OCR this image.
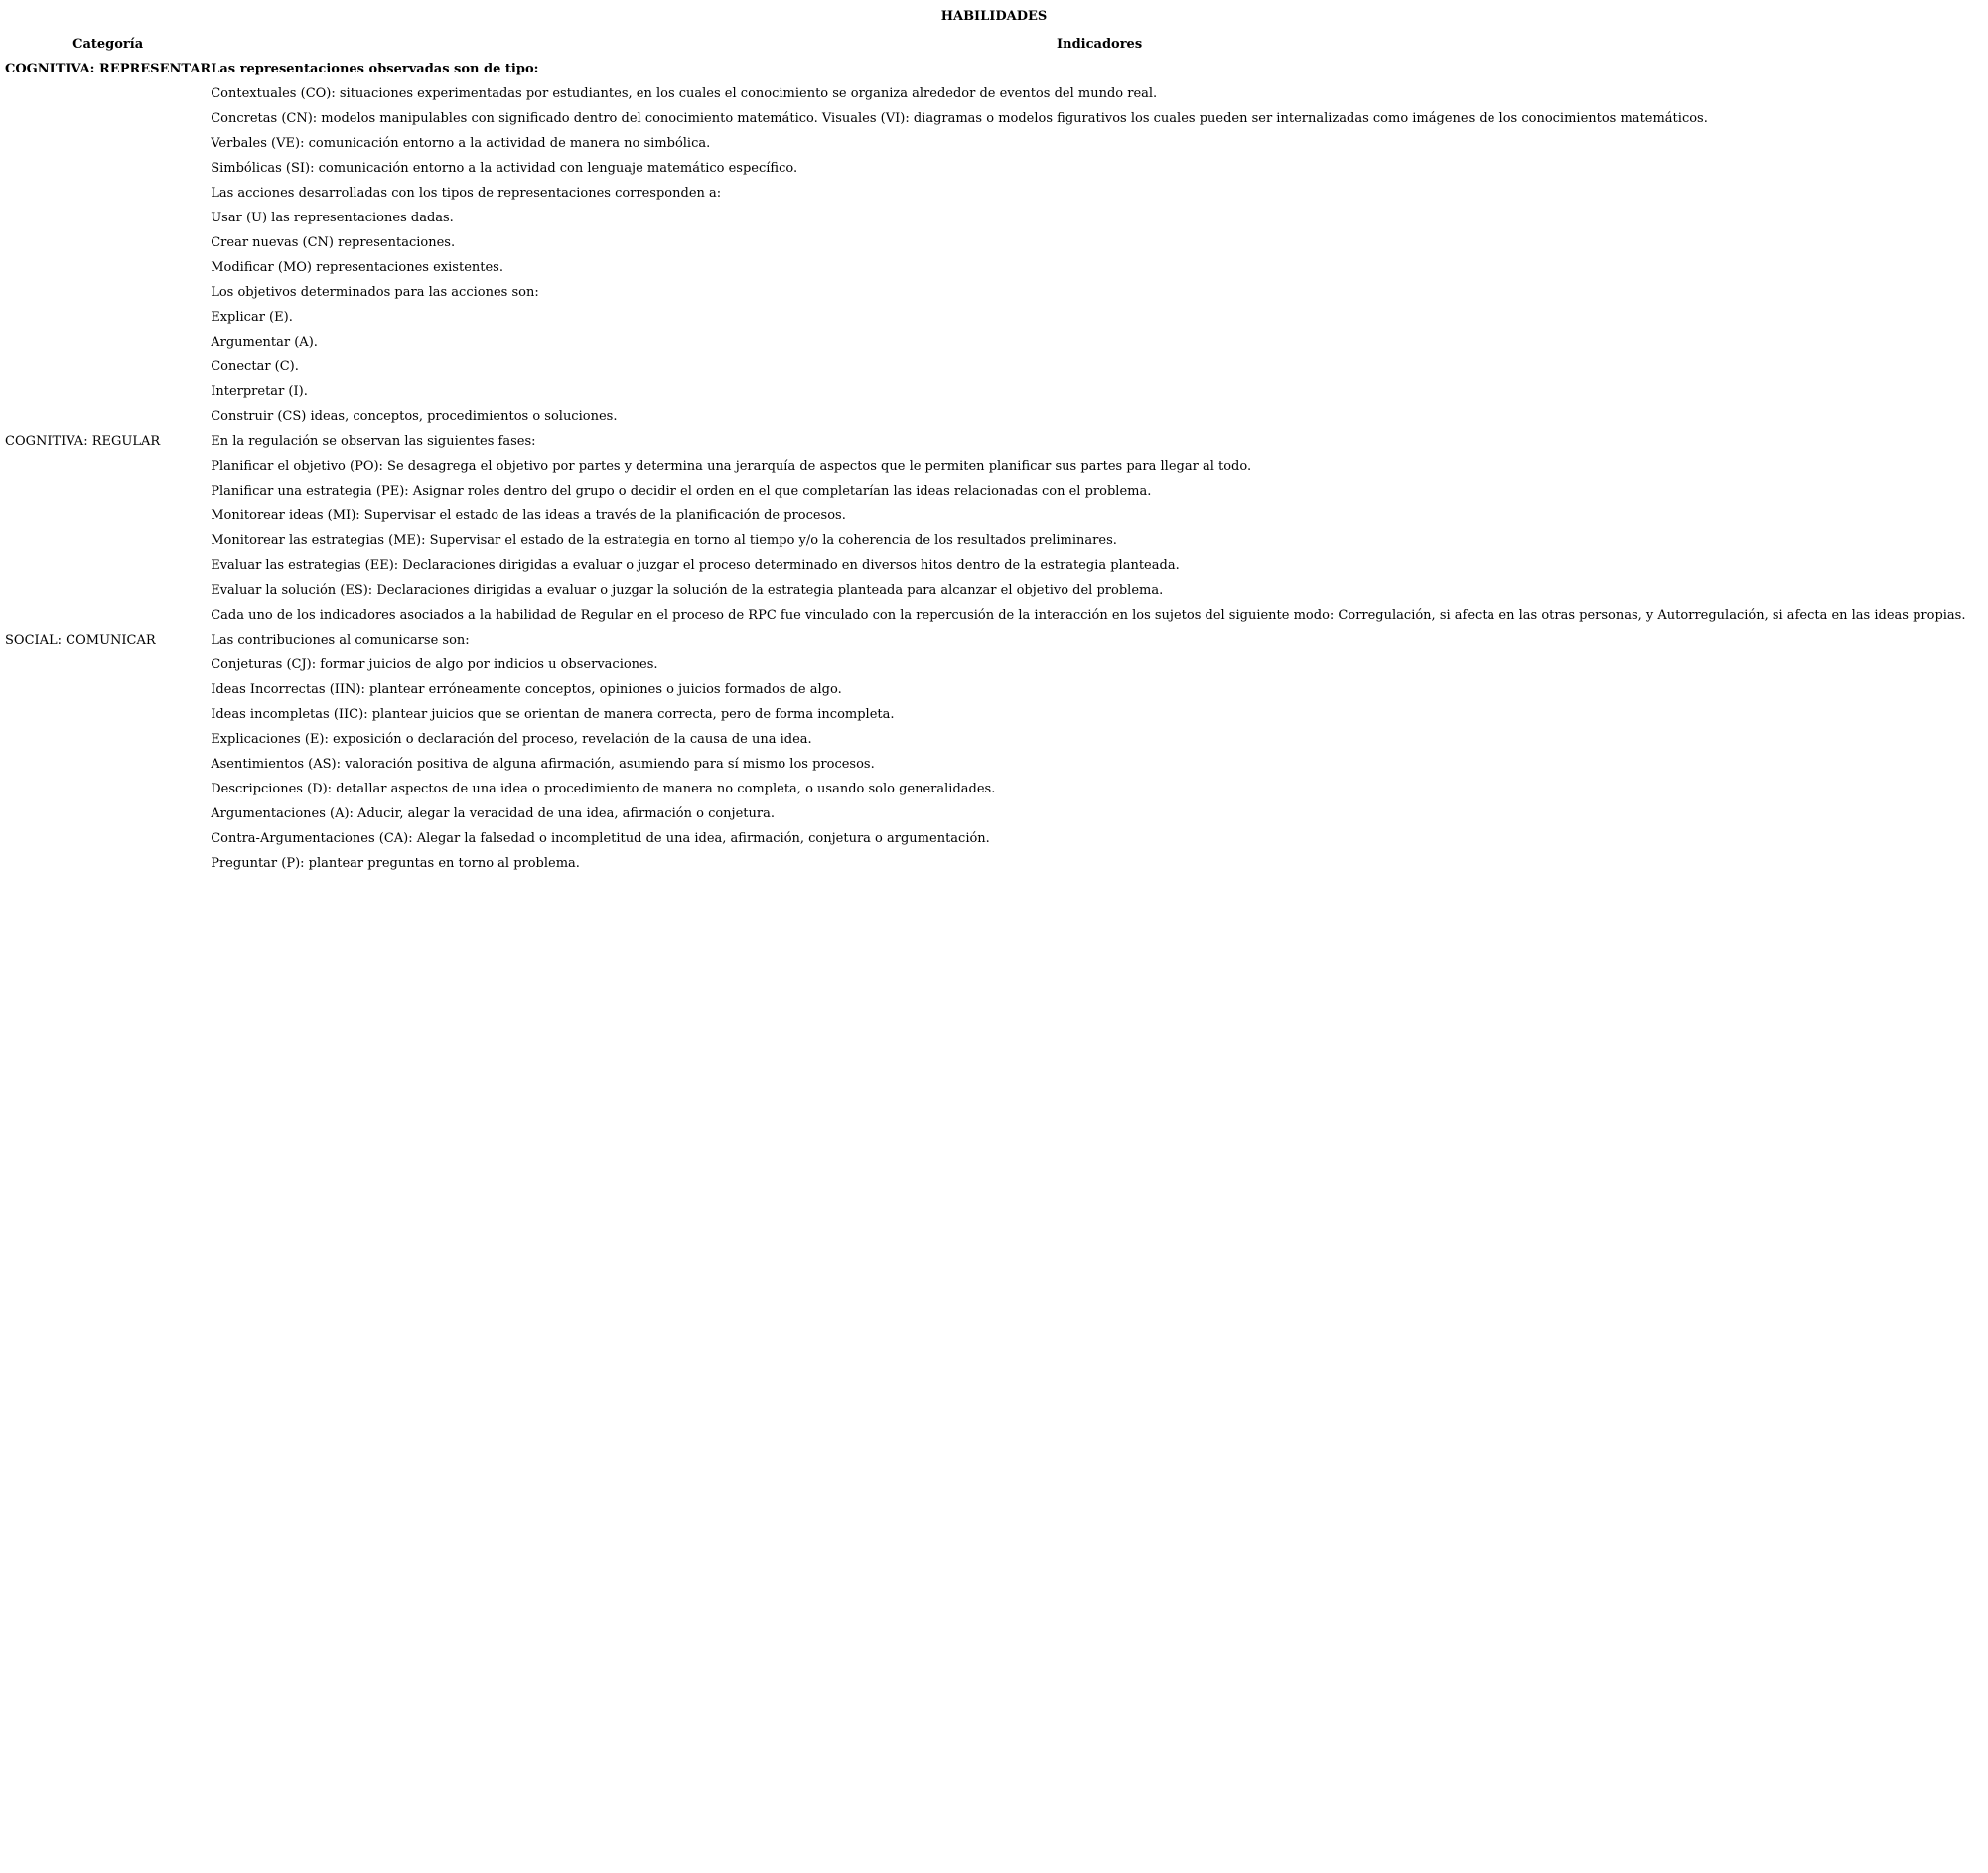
HABILIDADES
Categoría	Indicadores
COGNITIVA: REPRESENTAR	Las representaciones observadas son de tipo:
	Contextuales (CO): situaciones experimentadas por estudiantes, en los cuales el conocimiento se organiza alrededor de eventos del mundo real.
	Concretas (CN): modelos manipulables con significado dentro del conocimiento matemático. Visuales (VI): diagramas o modelos figurativos los cuales pueden ser internalizadas como imágenes de los conocimientos matemáticos.
	Verbales (VE): comunicación entorno a la actividad de manera no simbólica.
	Simbólicas (SI): comunicación entorno a la actividad con lenguaje matemático específico.
	Las acciones desarrolladas con los tipos de representaciones corresponden a:
	Usar (U) las representaciones dadas.
	Crear nuevas (CN) representaciones.
	Modificar (MO) representaciones existentes.
	Los objetivos determinados para las acciones son:
	Explicar (E).
	Argumentar (A).
	Conectar (C).
	Interpretar (I).
	Construir (CS) ideas, conceptos, procedimientos o soluciones.
COGNITIVA: REGULAR	En la regulación se observan las siguientes fases:
	Planificar el objetivo (PO): Se desagrega el objetivo por partes y determina una jerarquía de aspectos que le permiten planificar sus partes para llegar al todo.
	Planificar una estrategia (PE): Asignar roles dentro del grupo o decidir el orden en el que completarían las ideas relacionadas con el problema.
	Monitorear ideas (MI): Supervisar el estado de las ideas a través de la planificación de procesos.
	Monitorear las estrategias (ME): Supervisar el estado de la estrategia en torno al tiempo y/o la coherencia de los resultados preliminares.
	Evaluar las estrategias (EE): Declaraciones dirigidas a evaluar o juzgar el proceso determinado en diversos hitos dentro de la estrategia planteada.
	Evaluar la solución (ES): Declaraciones dirigidas a evaluar o juzgar la solución de la estrategia planteada para alcanzar el objetivo del problema.
	Cada uno de los indicadores asociados a la habilidad de Regular en el proceso de RPC fue vinculado con la repercusión de la interacción en los sujetos del siguiente modo: Corregulación, si afecta en las otras personas, y Autorregulación, si afecta en las ideas propias.
SOCIAL: COMUNICAR	Las contribuciones al comunicarse son:
	Conjeturas (CJ): formar juicios de algo por indicios u observaciones.
	Ideas Incorrectas (IIN): plantear erróneamente conceptos, opiniones o juicios formados de algo.
	Ideas incompletas (IIC): plantear juicios que se orientan de manera correcta, pero de forma incompleta.
	Explicaciones (E): exposición o declaración del proceso, revelación de la causa de una idea.
	Asentimientos (AS): valoración positiva de alguna afirmación, asumiendo para sí mismo los procesos.
	Descripciones (D): detallar aspectos de una idea o procedimiento de manera no completa, o usando solo generalidades.
	Argumentaciones (A): Aducir, alegar la veracidad de una idea, afirmación o conjetura.
	Contra-Argumentaciones (CA): Alegar la falsedad o incompletitud de una idea, afirmación, conjetura o argumentación.
	Preguntar (P): plantear preguntas en torno al problema.
